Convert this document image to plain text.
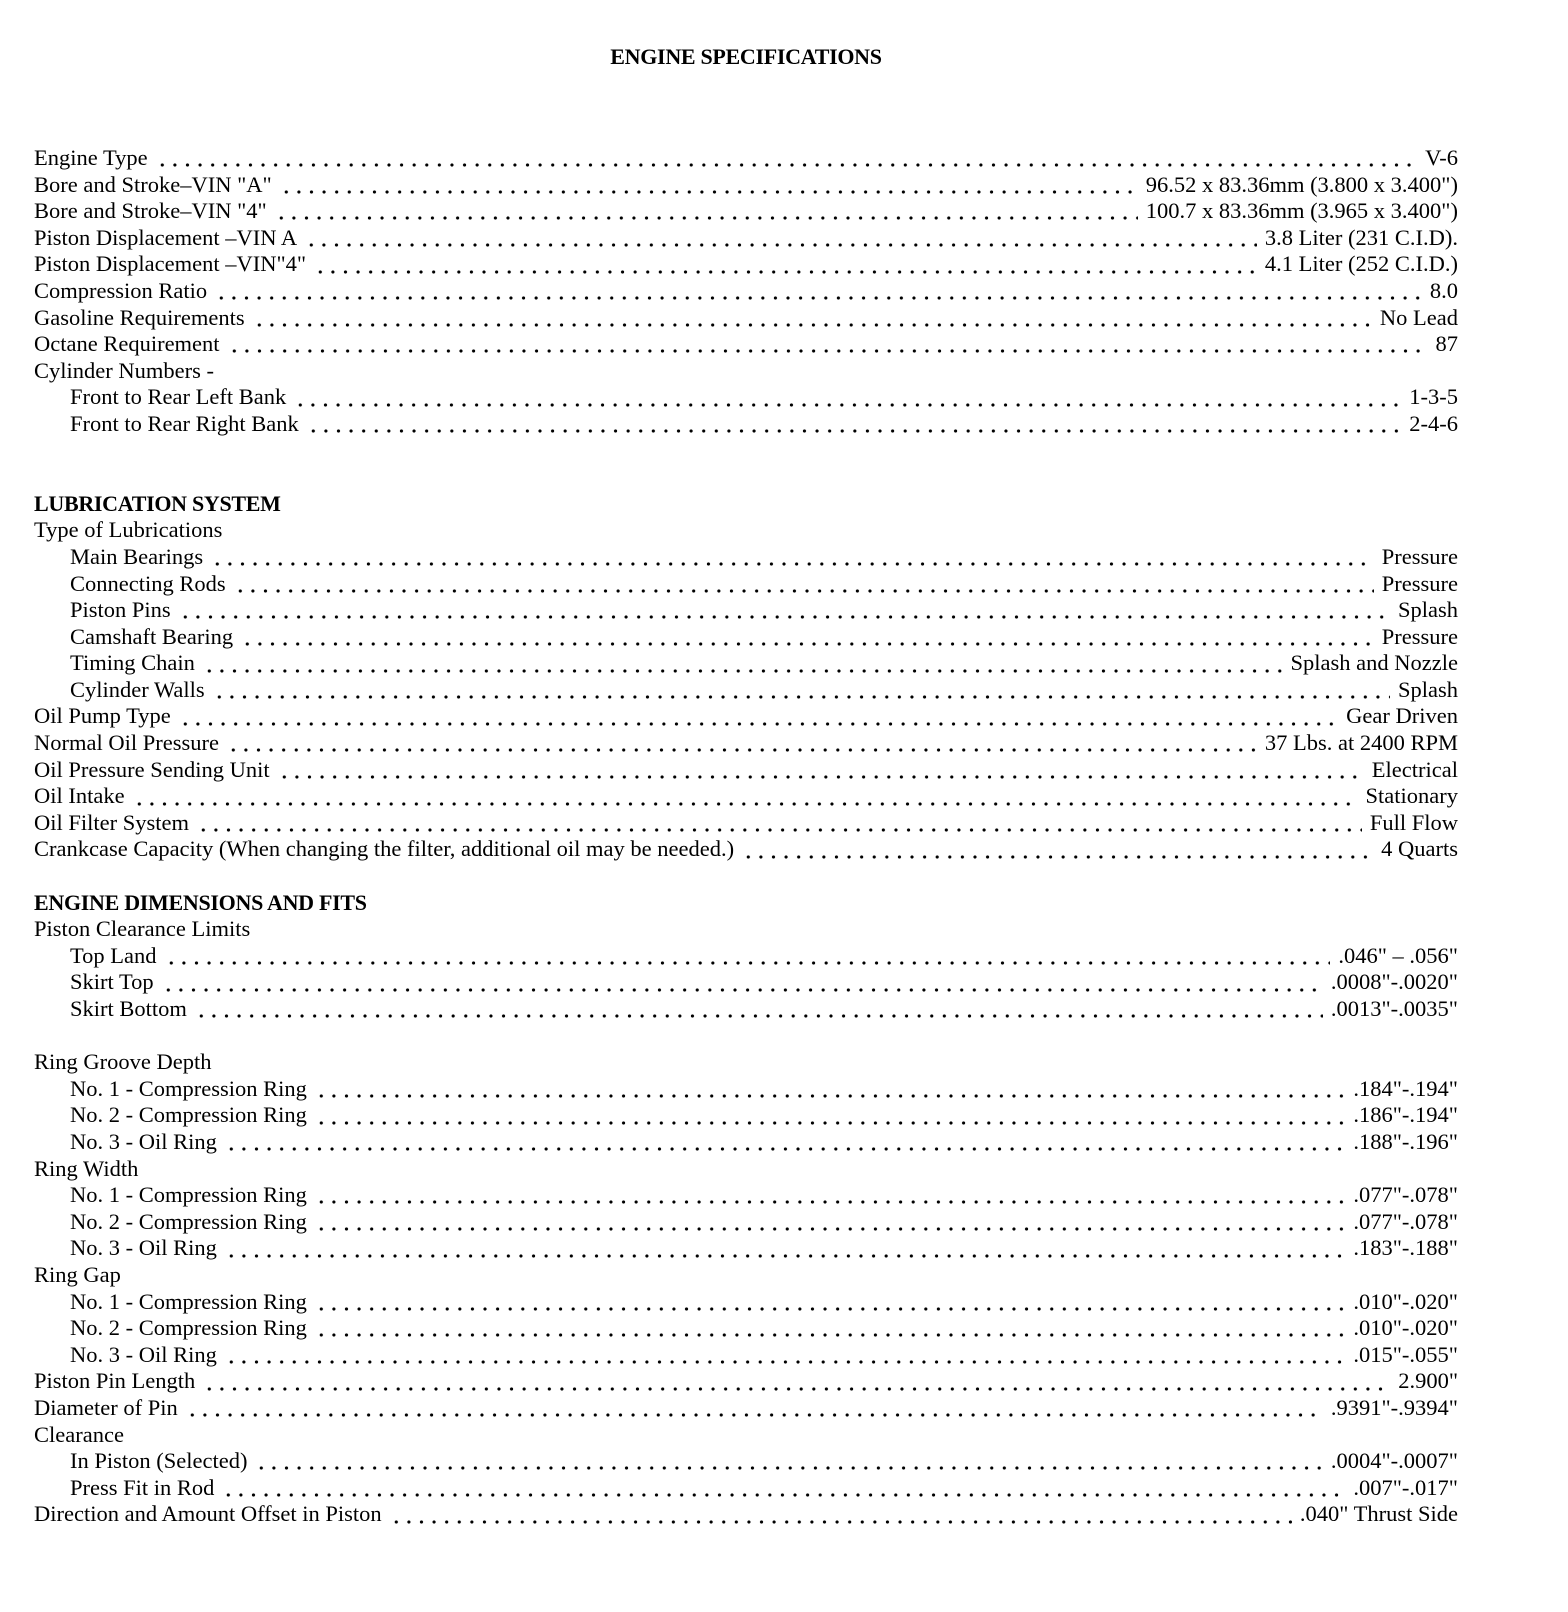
ENGINE SPECIFICATIONS
Engine Type	V-6
Bore and Stroke–VIN "A"	96.52 x 83.36mm (3.800 x 3.400")
Bore and Stroke–VIN "4"	100.7 x 83.36mm (3.965 x 3.400")
Piston Displacement –VIN A	3.8 Liter (231 C.I.D).
Piston Displacement –VIN"4"	4.1 Liter (252 C.I.D.)
Compression Ratio	8.0
Gasoline Requirements	No Lead
Octane Requirement	87
Cylinder Numbers -
Front to Rear Left Bank	1-3-5
Front to Rear Right Bank	2-4-6
LUBRICATION SYSTEM
Type of Lubrications
Main Bearings	Pressure
Connecting Rods	Pressure
Piston Pins	Splash
Camshaft Bearing	Pressure
Timing Chain	Splash and Nozzle
Cylinder Walls	Splash
Oil Pump Type	Gear Driven
Normal Oil Pressure	37 Lbs. at 2400 RPM
Oil Pressure Sending Unit	Electrical
Oil Intake	Stationary
Oil Filter System	Full Flow
Crankcase Capacity (When changing the filter, additional oil may be needed.)	4 Quarts
ENGINE DIMENSIONS AND FITS
Piston Clearance Limits
Top Land	.046" – .056"
Skirt Top	.0008"-.0020"
Skirt Bottom	.0013"-.0035"
Ring Groove Depth
No. 1 - Compression Ring	.184"-.194"
No. 2 - Compression Ring	.186"-.194"
No. 3 - Oil Ring	.188"-.196"
Ring Width
No. 1 - Compression Ring	.077"-.078"
No. 2 - Compression Ring	.077"-.078"
No. 3 - Oil Ring	.183"-.188"
Ring Gap
No. 1 - Compression Ring	.010"-.020"
No. 2 - Compression Ring	.010"-.020"
No. 3 - Oil Ring	.015"-.055"
Piston Pin Length	2.900"
Diameter of Pin	.9391"-.9394"
Clearance
In Piston (Selected)	.0004"-.0007"
Press Fit in Rod	.007"-.017"
Direction and Amount Offset in Piston	.040" Thrust Side
